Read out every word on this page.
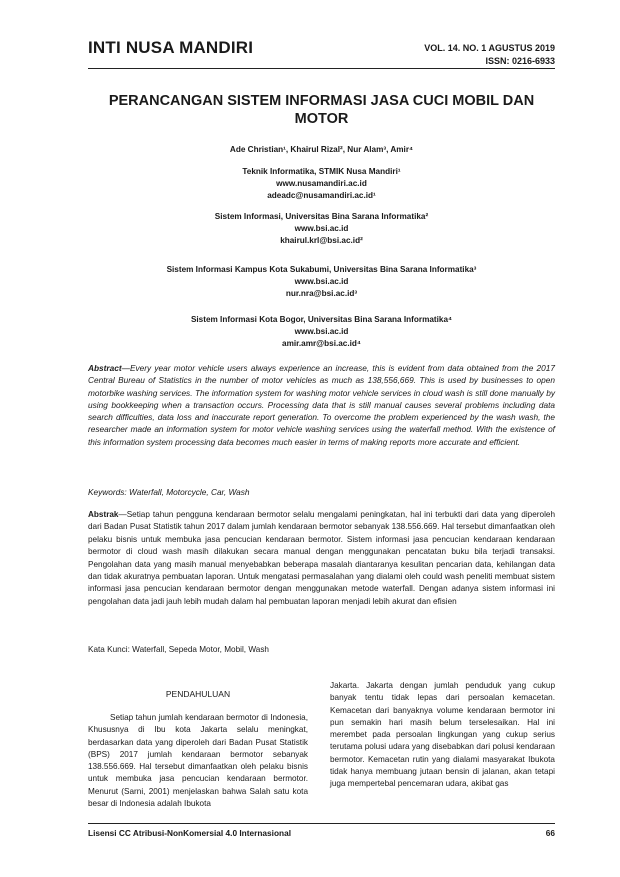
INTI NUSA MANDIRI	VOL. 14. NO. 1 AGUSTUS 2019
ISSN: 0216-6933
PERANCANGAN SISTEM INFORMASI JASA CUCI MOBIL DAN MOTOR
Ade Christian¹, Khairul Rizal², Nur Alam³, Amir⁴
Teknik Informatika, STMIK Nusa Mandiri¹
www.nusamandiri.ac.id
adeadc@nusamandiri.ac.id¹
Sistem Informasi, Universitas Bina Sarana Informatika²
www.bsi.ac.id
khairul.krl@bsi.ac.id²
Sistem Informasi Kampus Kota Sukabumi, Universitas Bina Sarana Informatika³
www.bsi.ac.id
nur.nra@bsi.ac.id³
Sistem Informasi Kota Bogor, Universitas Bina Sarana Informatika⁴
www.bsi.ac.id
amir.amr@bsi.ac.id⁴
Abstract—Every year motor vehicle users always experience an increase, this is evident from data obtained from the 2017 Central Bureau of Statistics in the number of motor vehicles as much as 138,556,669. This is used by businesses to open motorbike washing services. The information system for washing motor vehicle services in cloud wash is still done manually by using bookkeeping when a transaction occurs. Processing data that is still manual causes several problems including data search difficulties, data loss and inaccurate report generation. To overcome the problem experienced by the wash wash, the researcher made an information system for motor vehicle washing services using the waterfall method. With the existence of this information system processing data becomes much easier in terms of making reports more accurate and efficient.
Keywords: Waterfall, Motorcycle, Car, Wash
Abstrak—Setiap tahun pengguna kendaraan bermotor selalu mengalami peningkatan, hal ini terbukti dari data yang diperoleh dari Badan Pusat Statistik tahun 2017 dalam jumlah kendaraan bermotor sebanyak 138.556.669. Hal tersebut dimanfaatkan oleh pelaku bisnis untuk membuka jasa pencucian kendaraan bermotor. Sistem informasi jasa pencucian kendaraan kendaraan bermotor di cloud wash masih dilakukan secara manual dengan menggunakan pencatatan buku bila terjadi transaksi. Pengolahan data yang masih manual menyebabkan beberapa masalah diantaranya kesulitan pencarian data, kehilangan data dan tidak akuratnya pembuatan laporan. Untuk mengatasi permasalahan yang dialami oleh could wash peneliti membuat sistem informasi jasa pencucian kendaraan bermotor dengan menggunakan metode waterfall. Dengan adanya sistem informasi ini pengolahan data jadi jauh lebih mudah dalam hal pembuatan laporan menjadi lebih akurat dan efisien
Kata Kunci: Waterfall, Sepeda Motor, Mobil, Wash
PENDAHULUAN

Setiap tahun jumlah kendaraan bermotor di Indonesia, Khususnya di Ibu kota Jakarta selalu meningkat, berdasarkan data yang diperoleh dari Badan Pusat Statistik (BPS) 2017 jumlah kendaraan bermotor sebanyak 138.556.669. Hal tersebut dimanfaatkan oleh pelaku bisnis untuk membuka jasa pencucian kendaraan bermotor. Menurut (Sarni, 2001) menjelaskan bahwa Salah satu kota besar di Indonesia adalah Ibukota

Jakarta. Jakarta dengan jumlah penduduk yang cukup banyak tentu tidak lepas dari persoalan kemacetan. Kemacetan dari banyaknya volume kendaraan bermotor ini pun semakin hari masih belum terselesaikan. Hal ini merembet pada persoalan lingkungan yang cukup serius terutama polusi udara yang disebabkan dari polusi kendaraan bermotor. Kemacetan rutin yang dialami masyarakat Ibukota tidak hanya membuang jutaan bensin di jalanan, akan tetapi juga mempertebal pencemaran udara, akibat gas

Lisensi CC Atribusi-NonKomersial 4.0 Internasional	66
